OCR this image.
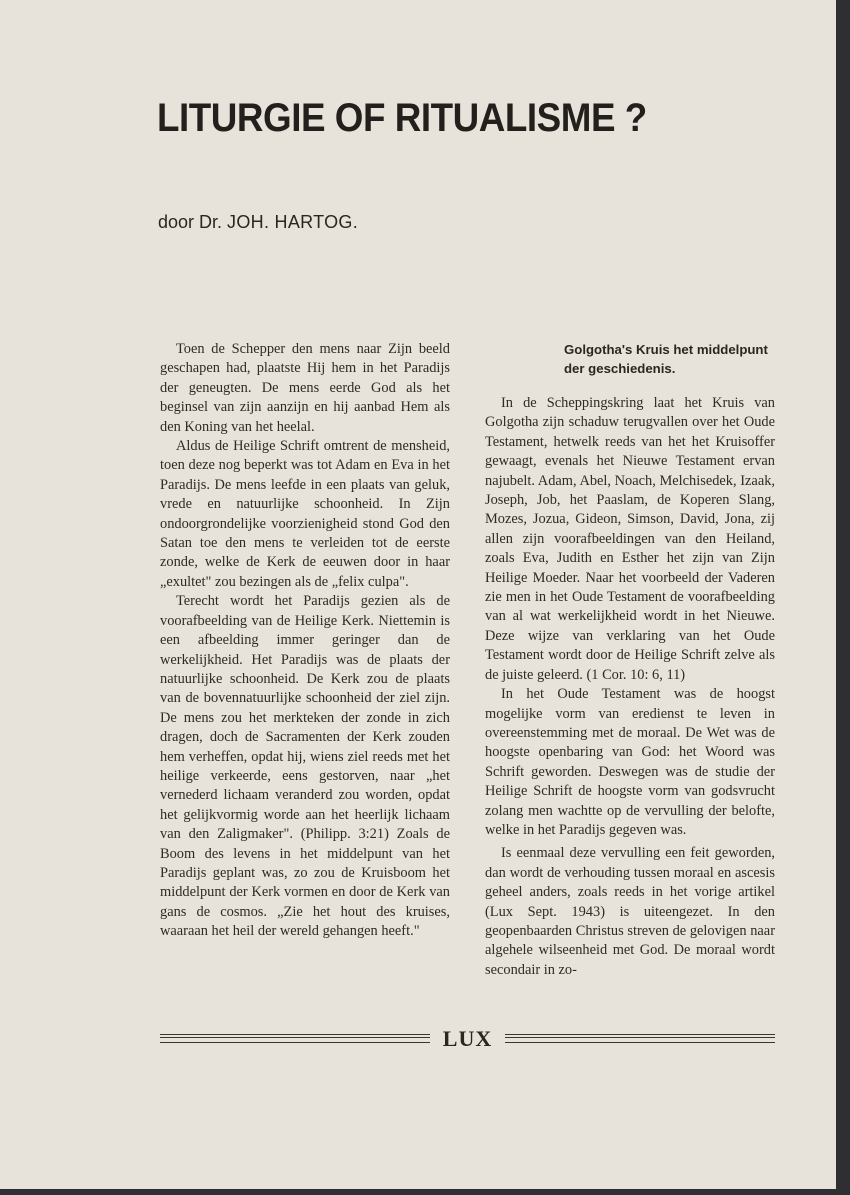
LITURGIE OF RITUALISME ?
door Dr. JOH. HARTOG.

Toen de Schepper den mens naar Zijn beeld geschapen had, plaatste Hij hem in het Paradijs der geneugten. De mens eerde God als het beginsel van zijn aanzijn en hij aanbad Hem als den Koning van het heelal.

Aldus de Heilige Schrift omtrent de mensheid, toen deze nog beperkt was tot Adam en Eva in het Paradijs. De mens leefde in een plaats van geluk, vrede en natuurlijke schoonheid. In Zijn ondoorgrondelijke voorzienigheid stond God den Satan toe den mens te verleiden tot de eerste zonde, welke de Kerk de eeuwen door in haar „exultet" zou bezingen als de „felix culpa".

Terecht wordt het Paradijs gezien als de voorafbeelding van de Heilige Kerk. Niettemin is een afbeelding immer geringer dan de werkelijkheid. Het Paradijs was de plaats der natuurlijke schoonheid. De Kerk zou de plaats van de bovennatuurlijke schoonheid der ziel zijn. De mens zou het merkteken der zonde in zich dragen, doch de Sacramenten der Kerk zouden hem verheffen, opdat hij, wiens ziel reeds met het heilige verkeerde, eens gestorven, naar „het vernederd lichaam veranderd zou worden, opdat het gelijkvormig worde aan het heerlijk lichaam van den Zaligmaker". (Philipp. 3:21) Zoals de Boom des levens in het middelpunt van het Paradijs geplant was, zo zou de Kruisboom het middelpunt der Kerk vormen en door de Kerk van gans de cosmos. „Zie het hout des kruises, waaraan het heil der wereld gehangen heeft."

Golgotha's Kruis het middelpunt der geschiedenis.

In de Scheppingskring laat het Kruis van Golgotha zijn schaduw terugvallen over het Oude Testament, hetwelk reeds van het het Kruisoffer gewaagt, evenals het Nieuwe Testament ervan najubelt. Adam, Abel, Noach, Melchisedek, Izaak, Joseph, Job, het Paaslam, de Koperen Slang, Mozes, Jozua, Gideon, Simson, David, Jona, zij allen zijn voorafbeeldingen van den Heiland, zoals Eva, Judith en Esther het zijn van Zijn Heilige Moeder. Naar het voorbeeld der Vaderen zie men in het Oude Testament de voorafbeelding van al wat werkelijkheid wordt in het Nieuwe. Deze wijze van verklaring van het Oude Testament wordt door de Heilige Schrift zelve als de juiste geleerd. (1 Cor. 10: 6, 11)

In het Oude Testament was de hoogst mogelijke vorm van eredienst te leven in overeenstemming met de moraal. De Wet was de hoogste openbaring van God: het Woord was Schrift geworden. Deswegen was de studie der Heilige Schrift de hoogste vorm van godsvrucht zolang men wachtte op de vervulling der belofte, welke in het Paradijs gegeven was.

Is eenmaal deze vervulling een feit geworden, dan wordt de verhouding tussen moraal en ascesis geheel anders, zoals reeds in het vorige artikel (Lux Sept. 1943) is uiteengezet. In den geopenbaarden Christus streven de gelovigen naar algehele wilseenheid met God. De moraal wordt secondair in zo-

LUX
